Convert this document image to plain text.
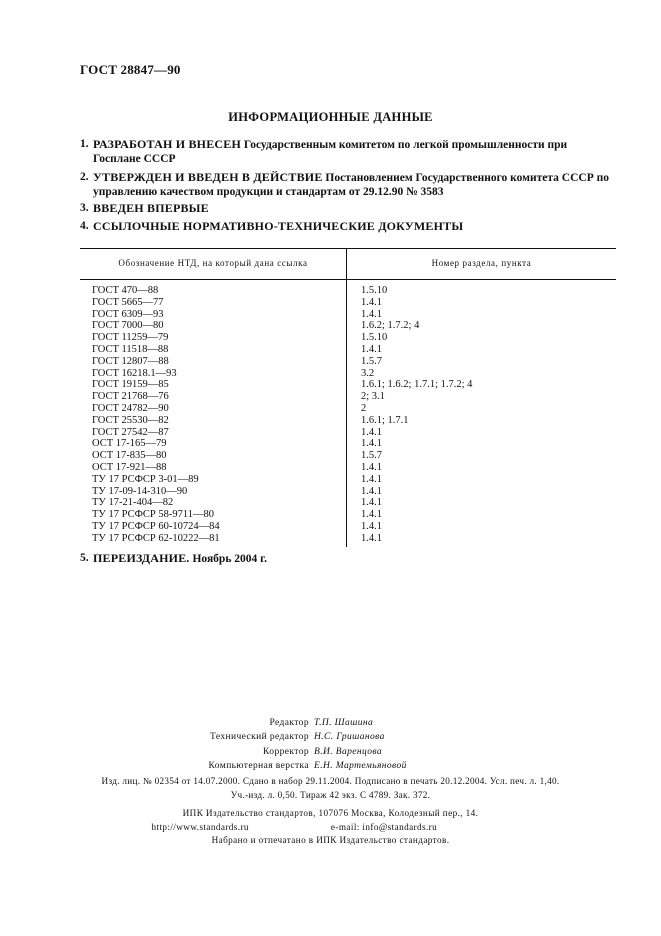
ГОСТ 28847—90
ИНФОРМАЦИОННЫЕ ДАННЫЕ
1. РАЗРАБОТАН И ВНЕСЕН Государственным комитетом по легкой промышленности при Госплане СССР
2. УТВЕРЖДЕН И ВВЕДЕН В ДЕЙСТВИЕ Постановлением Государственного комитета СССР по управлению качеством продукции и стандартам от 29.12.90 № 3583
3. ВВЕДЕН ВПЕРВЫЕ
4. ССЫЛОЧНЫЕ НОРМАТИВНО-ТЕХНИЧЕСКИЕ ДОКУМЕНТЫ
Обозначение НТД, на который дана ссылка	Номер раздела, пункта
ГОСТ 470—88	1.5.10
ГОСТ 5665—77	1.4.1
ГОСТ 6309—93	1.4.1
ГОСТ 7000—80	1.6.2; 1.7.2; 4
ГОСТ 11259—79	1.5.10
ГОСТ 11518—88	1.4.1
ГОСТ 12807—88	1.5.7
ГОСТ 16218.1—93	3.2
ГОСТ 19159—85	1.6.1; 1.6.2; 1.7.1; 1.7.2; 4
ГОСТ 21768—76	2; 3.1
ГОСТ 24782—90	2
ГОСТ 25530—82	1.6.1; 1.7.1
ГОСТ 27542—87	1.4.1
ОСТ 17-165—79	1.4.1
ОСТ 17-835—80	1.5.7
ОСТ 17-921—88	1.4.1
ТУ 17 РСФСР 3-01—89	1.4.1
ТУ 17-09-14-310—90	1.4.1
ТУ 17-21-404—82	1.4.1
ТУ 17 РСФСР 58-9711—80	1.4.1
ТУ 17 РСФСР 60-10724—84	1.4.1
ТУ 17 РСФСР 62-10222—81	1.4.1
5. ПЕРЕИЗДАНИЕ. Ноябрь 2004 г.
Редактор Т.П. Шашина
Технический редактор Н.С. Гришанова
Корректор В.И. Варенцова
Компьютерная верстка Е.Н. Мартемьяновой
Изд. лиц. № 02354 от 14.07.2000. Сдано в набор 29.11.2004. Подписано в печать 20.12.2004. Усл. печ. л. 1,40.
Уч.-изд. л. 0,50. Тираж 42 экз. С 4789. Зак. 372.
ИПК Издательство стандартов, 107076 Москва, Колодезный пер., 14.
http://www.standards.ru	e-mail: info@standards.ru
Набрано и отпечатано в ИПК Издательство стандартов.
